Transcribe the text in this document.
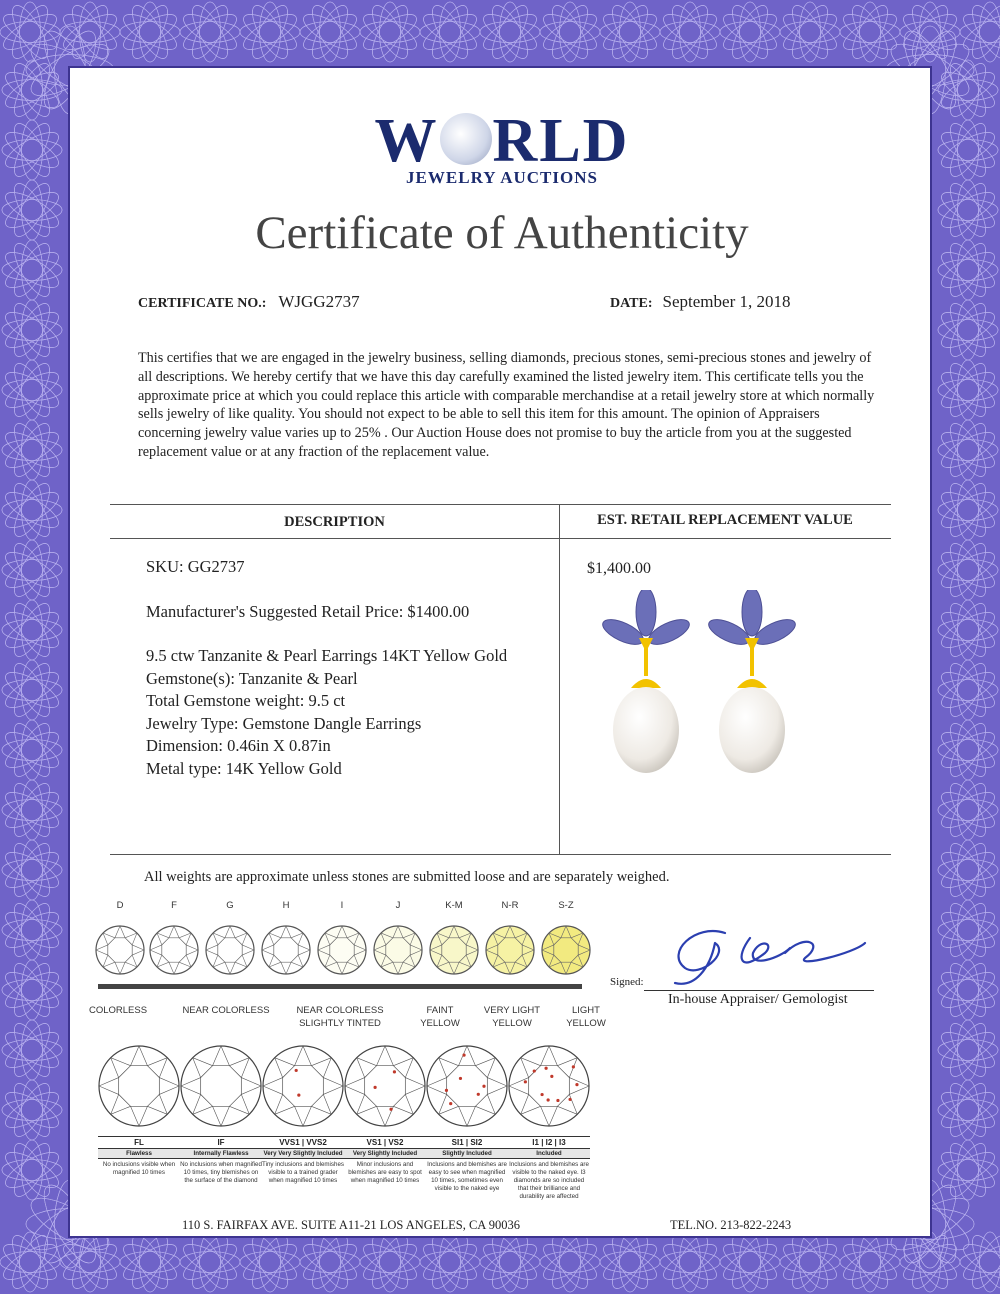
W RLD
JEWELRY AUCTIONS
Certificate of Authenticity
CERTIFICATE NO.: WJGG2737	DATE: September 1, 2018
This certifies that we are engaged in the jewelry business, selling diamonds, precious stones, semi-precious stones and jewelry of all descriptions. We hereby certify that we have this day carefully examined the listed jewelry item. This certificate tells you the approximate price at which you could replace this article with comparable merchandise at a retail jewelry store at which normally sells jewelry of like quality. You should not expect to be able to sell this item for this amount. The opinion of Appraisers concerning jewelry value varies up to 25% . Our Auction House does not promise to buy the article from you at the suggested replacement value or at any fraction of the replacement value.
DESCRIPTION	EST. RETAIL REPLACEMENT VALUE

SKU: GG2737

Manufacturer's Suggested Retail Price: $1400.00

9.5 ctw Tanzanite & Pearl Earrings 14KT Yellow Gold

Gemstone(s): Tanzanite & Pearl

Total Gemstone weight: 9.5 ct

Jewelry Type: Gemstone Dangle Earrings

Dimension: 0.46in X 0.87in

Metal type: 14K Yellow Gold

$1,400.00
All weights are approximate unless stones are submitted loose and are separately weighed.
D	F	G	H	I	J	K-M	N-R	S-Z
COLORLESS	NEAR COLORLESS	NEAR COLORLESS
SLIGHTLY TINTED
FAINT
YELLOW
VERY LIGHT
YELLOW
LIGHT
YELLOW
FL
Flawless
No inclusions visible when magnified 10 times
IF
Internally Flawless
No inclusions when magnified 10 times, tiny blemishes on the surface of the diamond
VVS1 | VVS2
Very Very Slightly Included
Tiny inclusions and blemishes visible to a trained grader when magnified 10 times
VS1 | VS2
Very Slightly Included
Minor inclusions and blemishes are easy to spot when magnified 10 times
SI1 | SI2
Slightly Included
Inclusions and blemishes are easy to see when magnified 10 times, sometimes even visible to the naked eye
I1 | I2 | I3
Included
Inclusions and blemishes are visible to the naked eye. I3 diamonds are so included that their brilliance and durability are affected
Signed:
In-house Appraiser/ Gemologist
110 S. FAIRFAX AVE. SUITE A11-21 LOS ANGELES, CA 90036	TEL.NO. 213-822-2243
